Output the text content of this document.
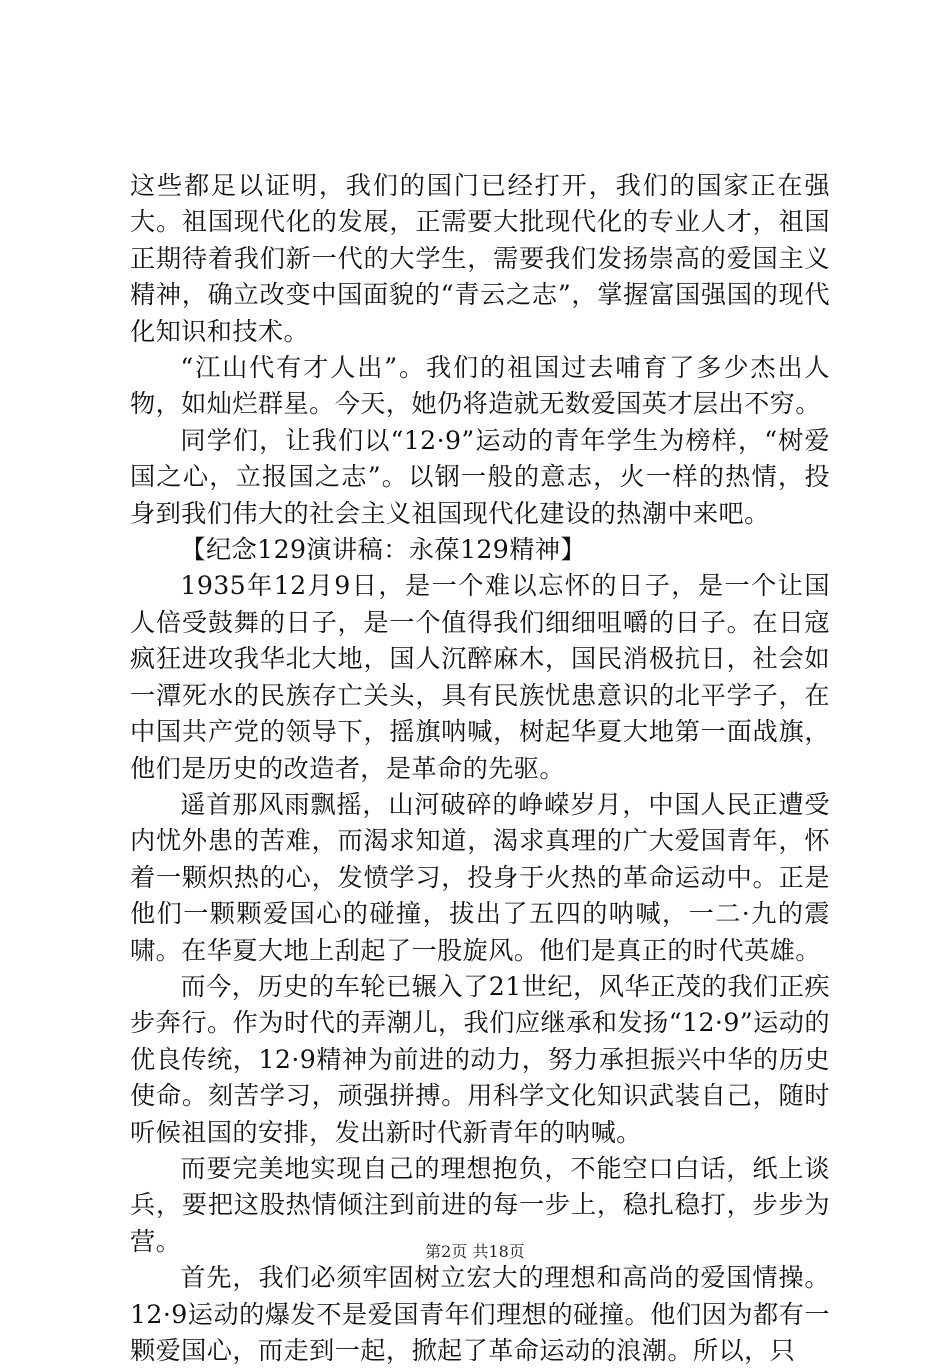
这些都足以证明，我们的国门已经打开，我们的国家正在强大。祖国现代化的发展，正需要大批现代化的专业人才，祖国正期待着我们新一代的大学生，需要我们发扬崇高的爱国主义精神，确立改变中国面貌的“青云之志”，掌握富国强国的现代化知识和技术。

“江山代有才人出”。我们的祖国过去哺育了多少杰出人物，如灿烂群星。今天，她仍将造就无数爱国英才层出不穷。

同学们，让我们以“12·9”运动的青年学生为榜样，“树爱国之心，立报国之志”。以钢一般的意志，火一样的热情，投身到我们伟大的社会主义祖国现代化建设的热潮中来吧。

【纪念129演讲稿：永葆129精神】

1935年12月9日，是一个难以忘怀的日子，是一个让国人倍受鼓舞的日子，是一个值得我们细细咀嚼的日子。在日寇疯狂进攻我华北大地，国人沉醉麻木，国民消极抗日，社会如一潭死水的民族存亡关头，具有民族忧患意识的北平学子，在中国共产党的领导下，摇旗呐喊，树起华夏大地第一面战旗，他们是历史的改造者，是革命的先驱。

遥首那风雨飘摇，山河破碎的峥嵘岁月，中国人民正遭受内忧外患的苦难，而渴求知道，渴求真理的广大爱国青年，怀着一颗炽热的心，发愤学习，投身于火热的革命运动中。正是他们一颗颗爱国心的碰撞，拔出了五四的呐喊，一二·九的震啸。在华夏大地上刮起了一股旋风。他们是真正的时代英雄。

而今，历史的车轮已辗入了21世纪，风华正茂的我们正疾步奔行。作为时代的弄潮儿，我们应继承和发扬“12·9”运动的优良传统，12·9精神为前进的动力，努力承担振兴中华的历史使命。刻苦学习，顽强拼搏。用科学文化知识武装自己，随时听候祖国的安排，发出新时代新青年的呐喊。

而要完美地实现自己的理想抱负，不能空口白话，纸上谈兵，要把这股热情倾注到前进的每一步上，稳扎稳打，步步为营。

首先，我们必须牢固树立宏大的理想和高尚的爱国情操。12·9运动的爆发不是爱国青年们理想的碰撞。他们因为都有一颗爱国心，而走到一起，掀起了革命运动的浪潮。所以，只

第2页 共18页
